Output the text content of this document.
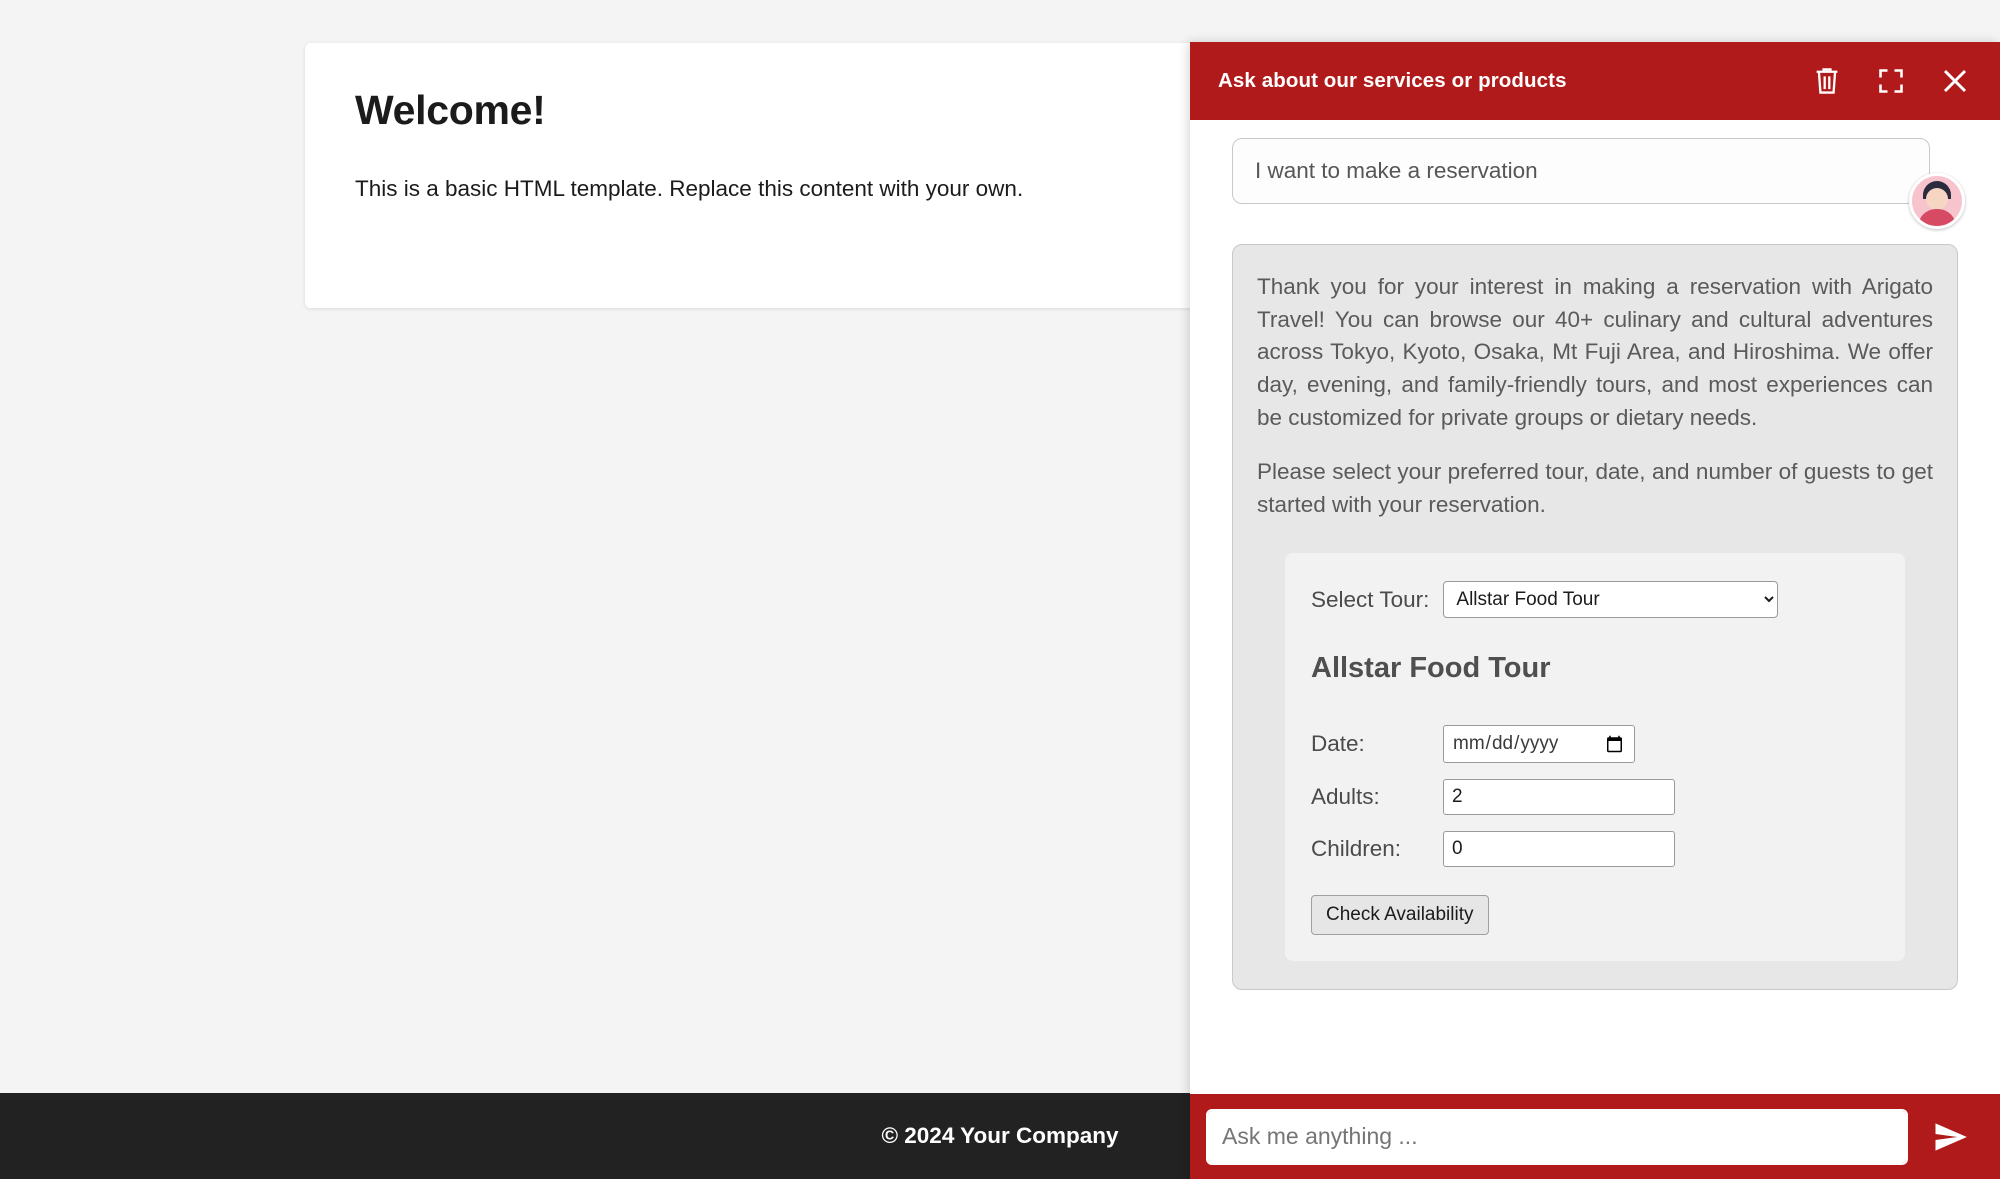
Welcome!

This is a basic HTML template. Replace this content with your own.

© 2024 Your Company
Ask about our services or products
I want to make a reservation

Thank you for your interest in making a reservation with Arigato Travel! You can browse our 40+ culinary and cultural adventures across Tokyo, Kyoto, Osaka, Mt Fuji Area, and Hiroshima. We offer day, evening, and family-friendly tours, and most experiences can be customized for private groups or dietary needs.

Please select your preferred tour, date, and number of guests to get started with your reservation.

Select Tour:
Allstar Food Tour
Allstar Food Tour
Date:
Adults:
2
Children:
0
Check Availability
Ask me anything ...
